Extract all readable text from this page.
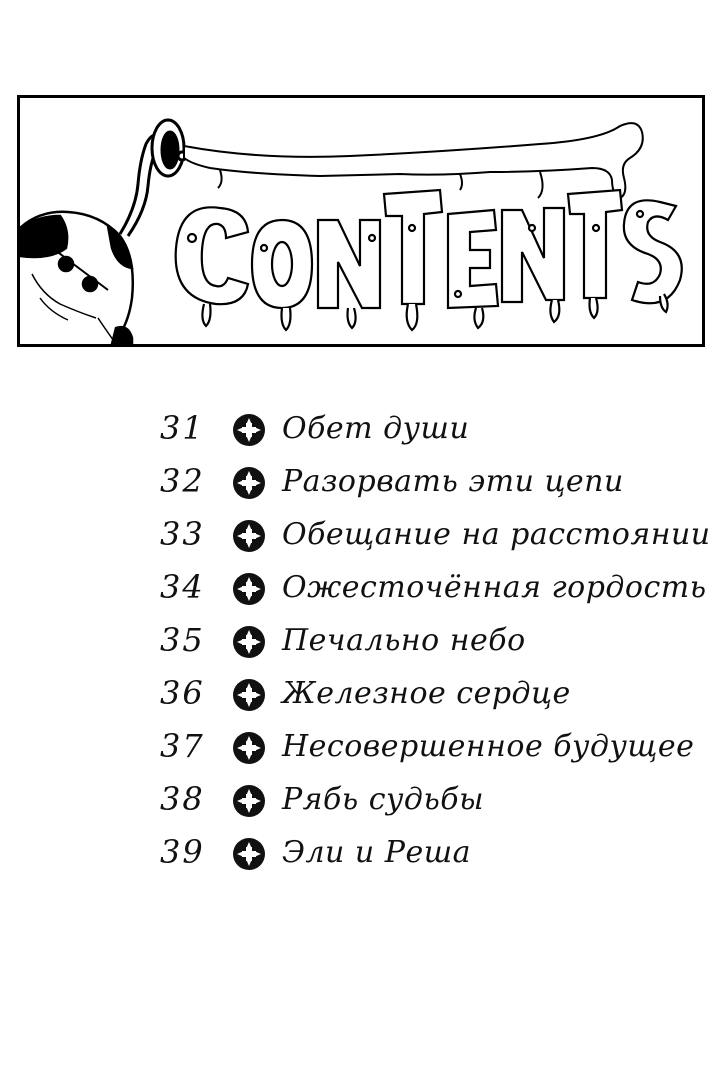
31	Обет души
32	Разорвать эти цепи
33	Обещание на расстоянии
34	Ожесточённая гордость
35	Печально небо
36	Железное сердце
37	Несовершенное будущее
38	Рябь судьбы
39	Эли и Реша
